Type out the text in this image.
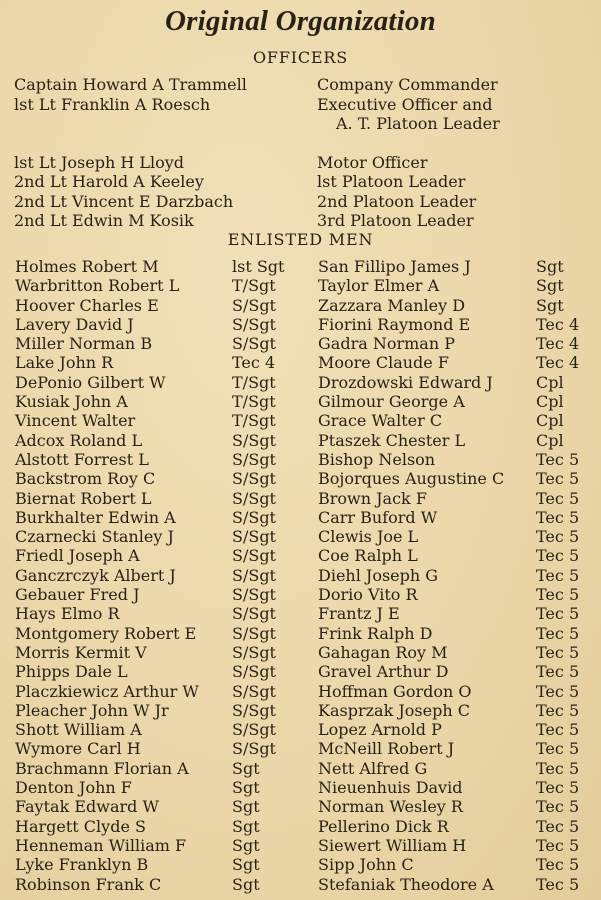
Original Organization
OFFICERS
Captain Howard A Trammell	Company Commander
lst Lt Franklin A Roesch	Executive Officer and
A. T. Platoon Leader
lst Lt Joseph H Lloyd	Motor Officer
2nd Lt Harold A Keeley	lst Platoon Leader
2nd Lt Vincent E Darzbach	2nd Platoon Leader
2nd Lt Edwin M Kosik	3rd Platoon Leader
ENLISTED MEN
Holmes Robert M	lst Sgt San Fillipo James J	Sgt
Warbritton Robert L	T/Sgt	Taylor Elmer A	Sgt
Hoover Charles E	S/Sgt	Zazzara Manley D	Sgt
Lavery David J	S/Sgt	Fiorini Raymond E	Tec 4
Miller Norman B	S/Sgt	Gadra Norman P	Tec 4
Lake John R	Tec 4	Moore Claude F	Tec 4
DePonio Gilbert W	T/Sgt	Drozdowski Edward J	Cpl
Kusiak John A	T/Sgt	Gilmour George A	Cpl
Vincent Walter	T/Sgt	Grace Walter C	Cpl
Adcox Roland L	S/Sgt	Ptaszek Chester L	Cpl
Alstott Forrest L	S/Sgt	Bishop Nelson	Tec 5
Backstrom Roy C	S/Sgt	Bojorques Augustine C Tec 5
Biernat Robert L	S/Sgt	Brown Jack F	Tec 5
Burkhalter Edwin A	S/Sgt	Carr Buford W	Tec 5
Czarnecki Stanley J	S/Sgt	Clewis Joe L	Tec 5
Friedl Joseph A	S/Sgt	Coe Ralph L	Tec 5
Ganczrczyk Albert J	S/Sgt	Diehl Joseph G	Tec 5
Gebauer Fred J	S/Sgt	Dorio Vito R	Tec 5
Hays Elmo R	S/Sgt	Frantz J E	Tec 5
Montgomery Robert E S/Sgt	Frink Ralph D	Tec 5
Morris Kermit V	S/Sgt	Gahagan Roy M	Tec 5
Phipps Dale L	S/Sgt	Gravel Arthur D	Tec 5
Placzkiewicz Arthur W S/Sgt	Hoffman Gordon O	Tec 5
Pleacher John W Jr	S/Sgt	Kasprzak Joseph C	Tec 5
Shott William A	S/Sgt	Lopez Arnold P	Tec 5
Wymore Carl H	S/Sgt	McNeill Robert J	Tec 5
Brachmann Florian A	Sgt	Nett Alfred G	Tec 5
Denton John F	Sgt	Nieuenhuis David	Tec 5
Faytak Edward W	Sgt	Norman Wesley R	Tec 5
Hargett Clyde S	Sgt	Pellerino Dick R	Tec 5
Henneman William F	Sgt	Siewert William H	Tec 5
Lyke Franklyn B	Sgt	Sipp John C	Tec 5
Robinson Frank C	Sgt	Stefaniak Theodore A	Tec 5
